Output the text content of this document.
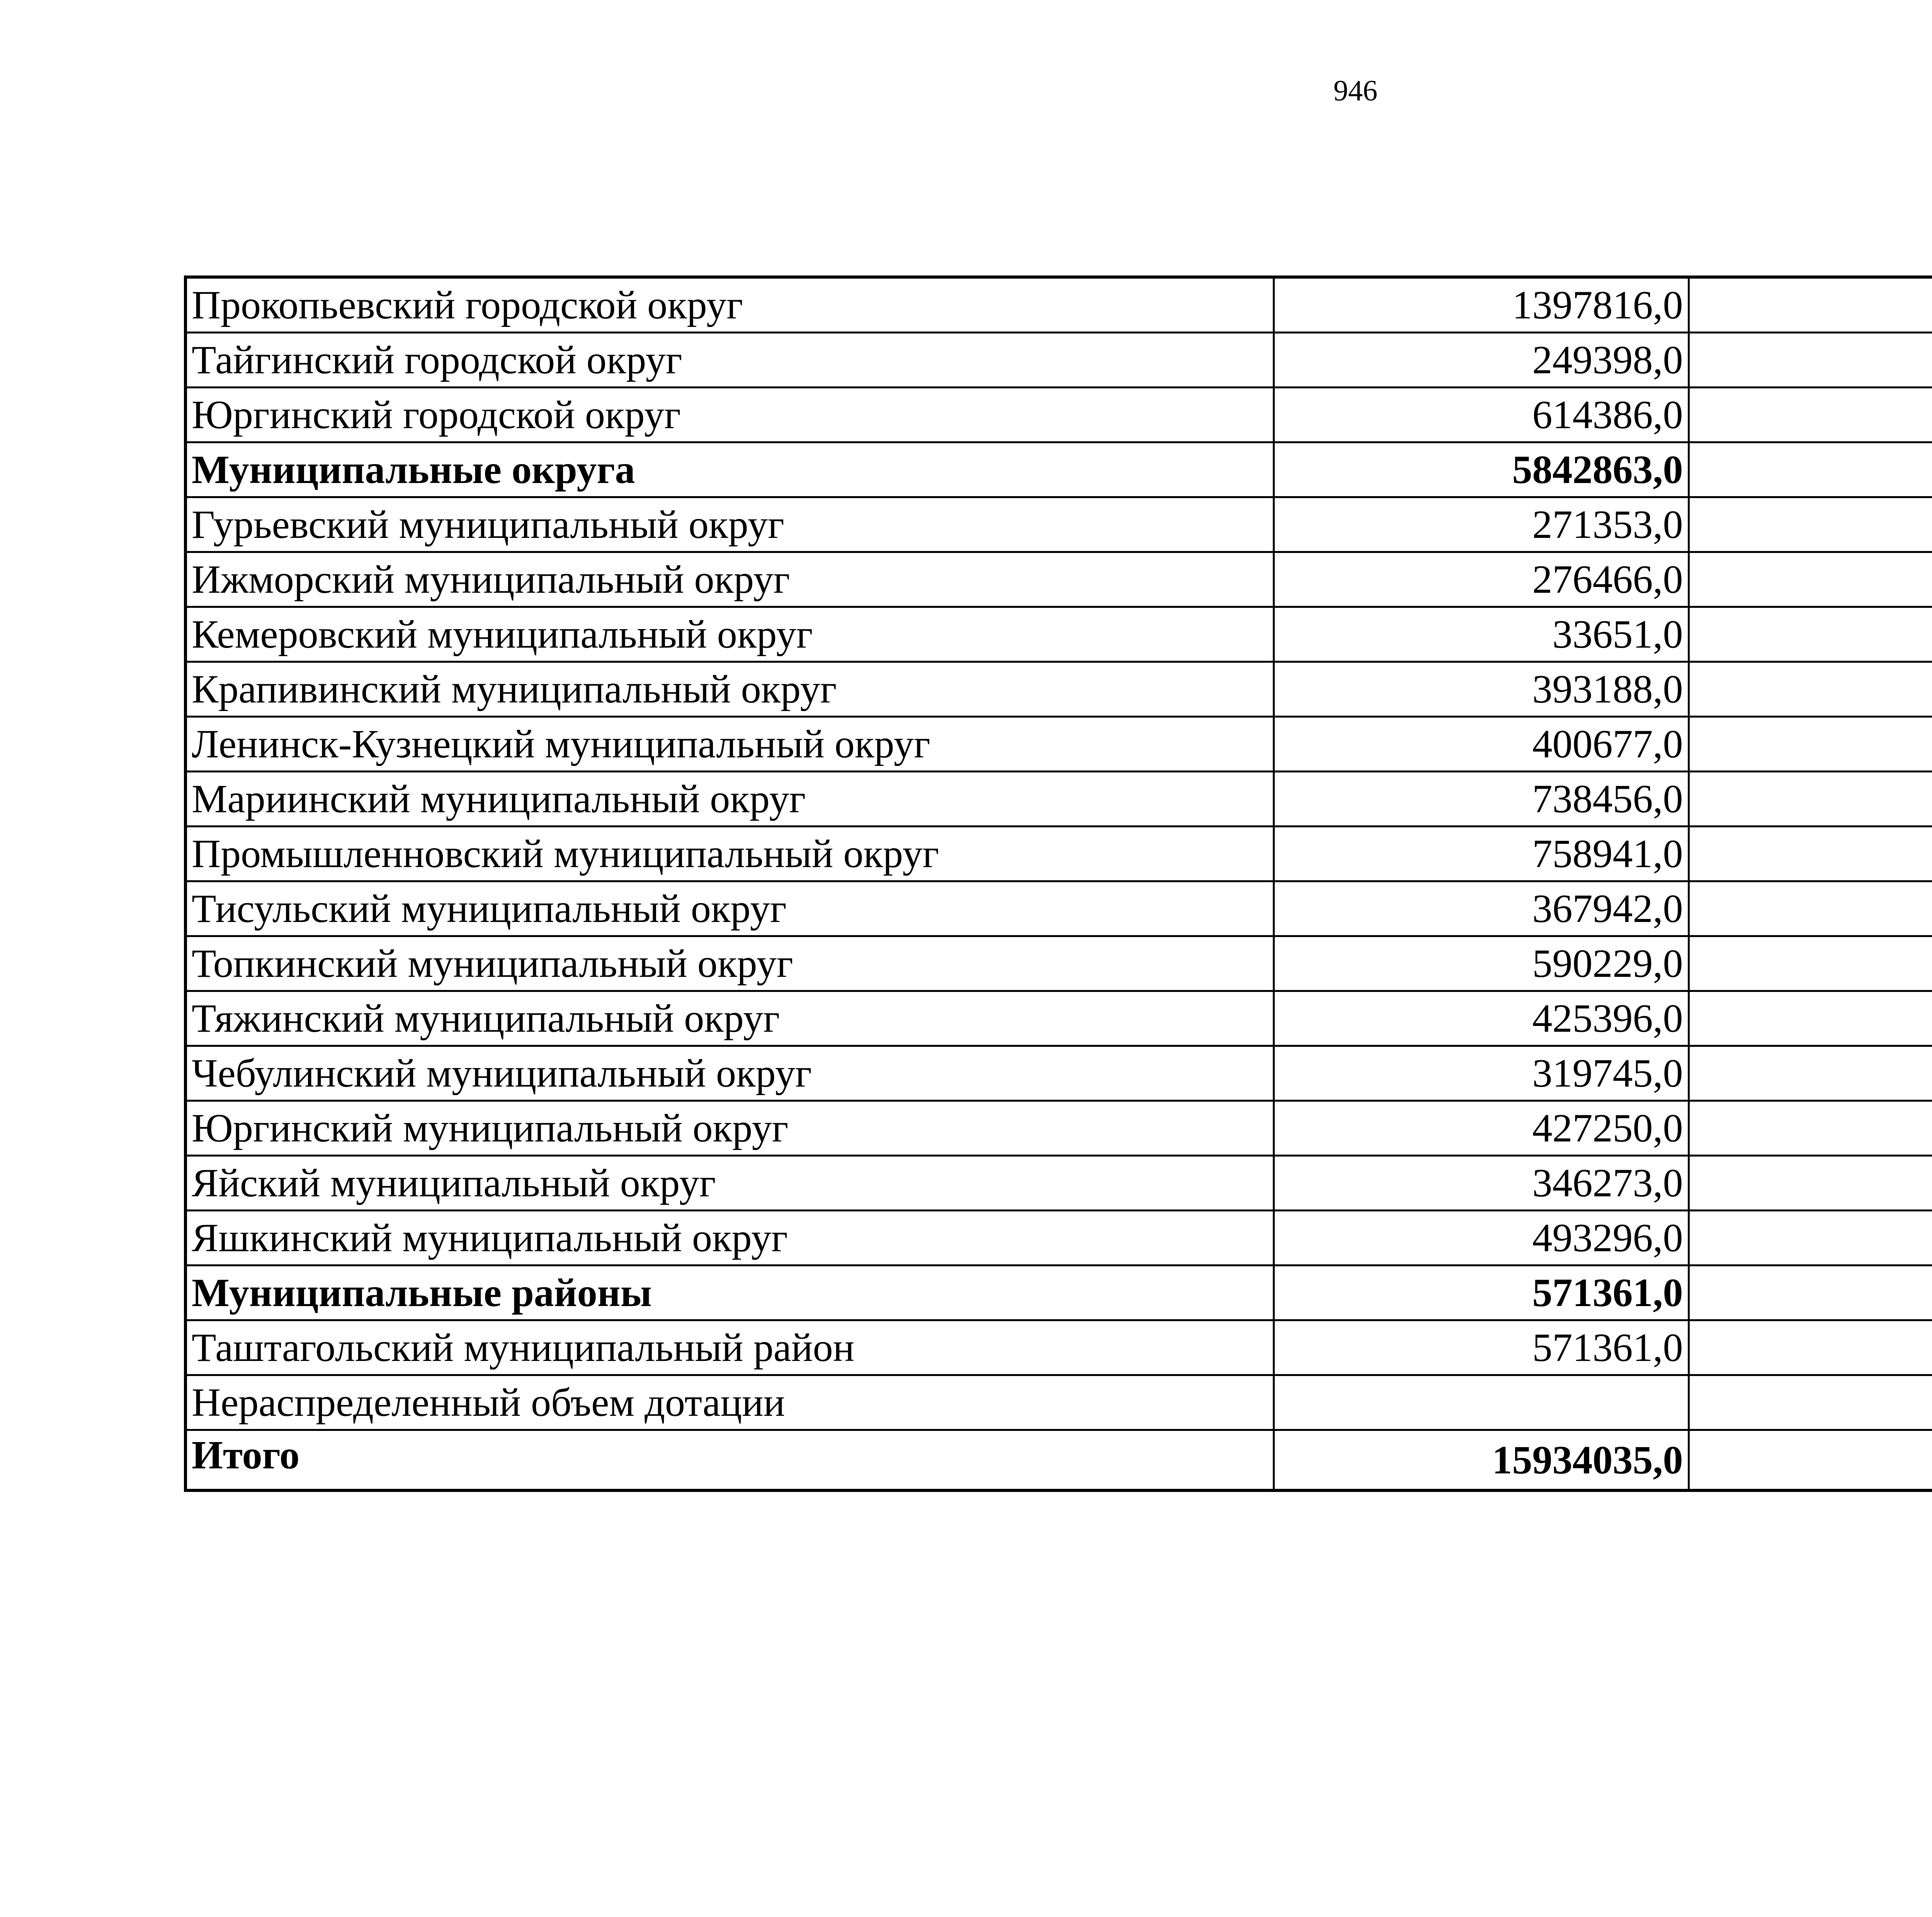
946
Прокопьевский городской округ	1397816,0		
Тайгинский городской округ	249398,0		
Юргинский городской округ	614386,0		
Муниципальные округа	5842863,0		
Гурьевский муниципальный округ	271353,0		
Ижморский муниципальный округ	276466,0		
Кемеровский муниципальный округ	33651,0		
Крапивинский муниципальный округ	393188,0		
Ленинск-Кузнецкий муниципальный округ	400677,0		
Мариинский муниципальный округ	738456,0		
Промышленновский муниципальный округ	758941,0		
Тисульский муниципальный округ	367942,0		
Топкинский муниципальный округ	590229,0		
Тяжинский муниципальный округ	425396,0		
Чебулинский муниципальный округ	319745,0		
Юргинский муниципальный округ	427250,0		
Яйский муниципальный округ	346273,0		
Яшкинский муниципальный округ	493296,0		
Муниципальные районы	571361,0		
Таштагольский муниципальный район	571361,0		
Нераспределенный объем дотации			
Итого	15934035,0		
